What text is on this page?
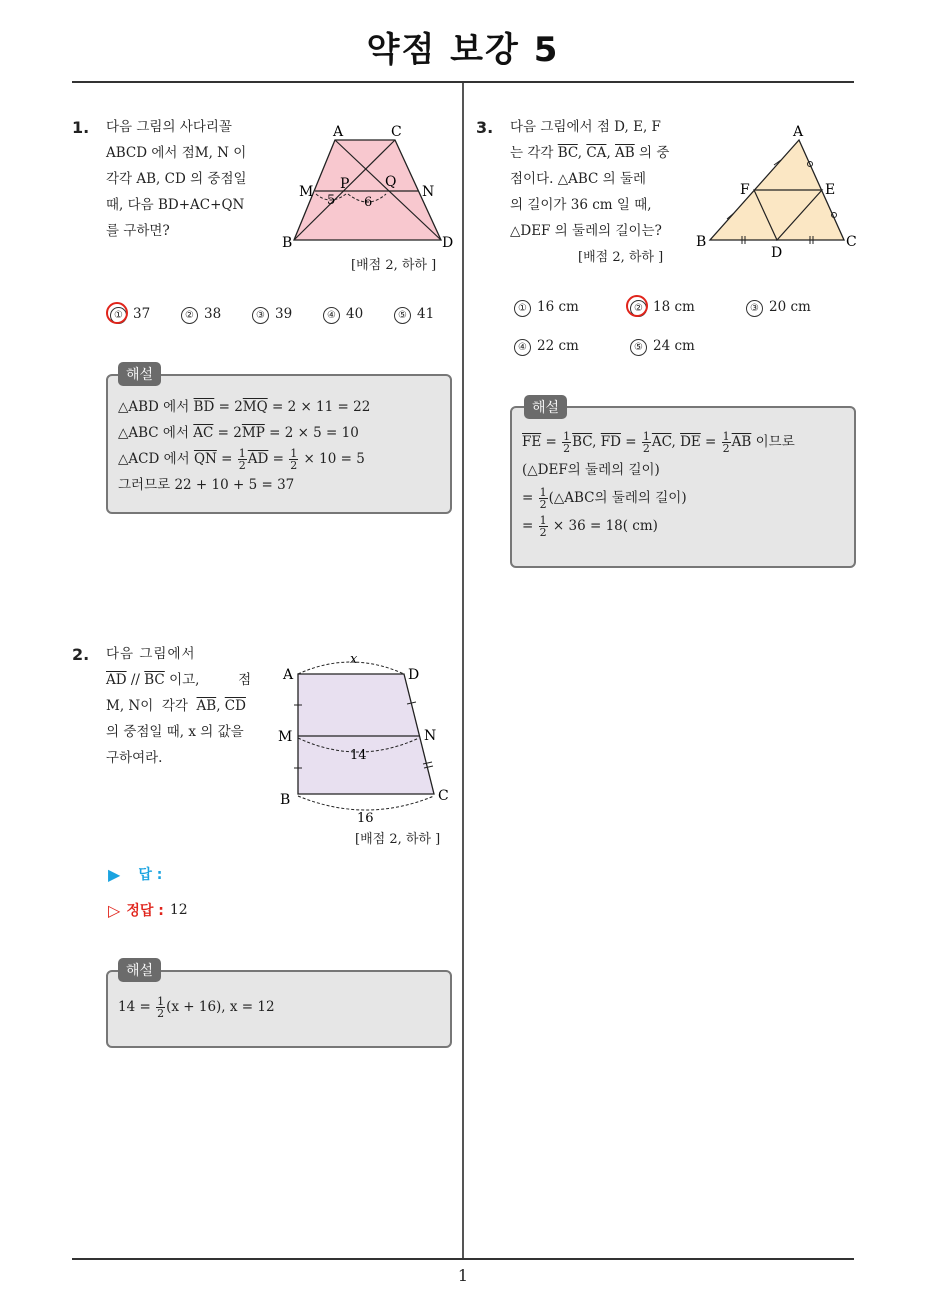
약점 보강 5
1
1. 다음 그림의 사다리꼴
ABCD 에서 점M, N 이
각각 AB, CD 의 중점일
때, 다음 BD+AC+QN
를 구하면?
A	C
B	D
M	N
P	Q
5 6
[배점 2, 하하 ]
① 37	② 38	③ 39	④ 40	⑤ 41
해설
△ABD 에서 $\overline{BD} = 2\overline{MQ} = 2 \times 11 = 22$
△ABC 에서 $\overline{AC} = 2\overline{MP} = 2 \times 5 = 10$
△ACD 에서 $\overline{QN} = \frac{1}{2} \overline{AD} = \frac{1}{2} \times 10 = 5$
그러므로 22 + 10 + 5 = 37
2. 다음 그림에서
$\overline{AD} // \overline{BC}$ 이고,         점
M, N이  각각  $\overline{AB}$, $\overline{CD}$
의 중점일 때, x 의 값을
구하여라.
A	D
M	N
B	C
x
14
16
[배점 2, 하하 ]
▶ 답 :
▷ 정답 : 12
해설
$14 = \frac{1}{2} (x + 16)$, x = 12
3. 다음 그림에서 점 D, E, F
는 각각 $\overline{BC}$, $\overline{CA}$, $\overline{AB}$ 의 중
점이다. △ABC 의 둘레
의 길이가 36 cm 일 때,
△DEF 의 둘레의 길이는?
[배점 2, 하하 ]
A
B	C
D
E
F
① 16 cm	② 18 cm	③ 20 cm
④ 22 cm	⑤ 24 cm
해설
$\overline{FE} = \frac{1}{2} \overline{BC}$, $\overline{FD} = \frac{1}{2} \overline{AC}$, $\overline{DE} = \frac{1}{2} \overline{AB}$ 이므로
(△DEF의 둘레의 길이)
= $\frac{1}{2}$ (△ABC의 둘레의 길이)
= $\frac{1}{2} \times 36 = 18$( cm)
